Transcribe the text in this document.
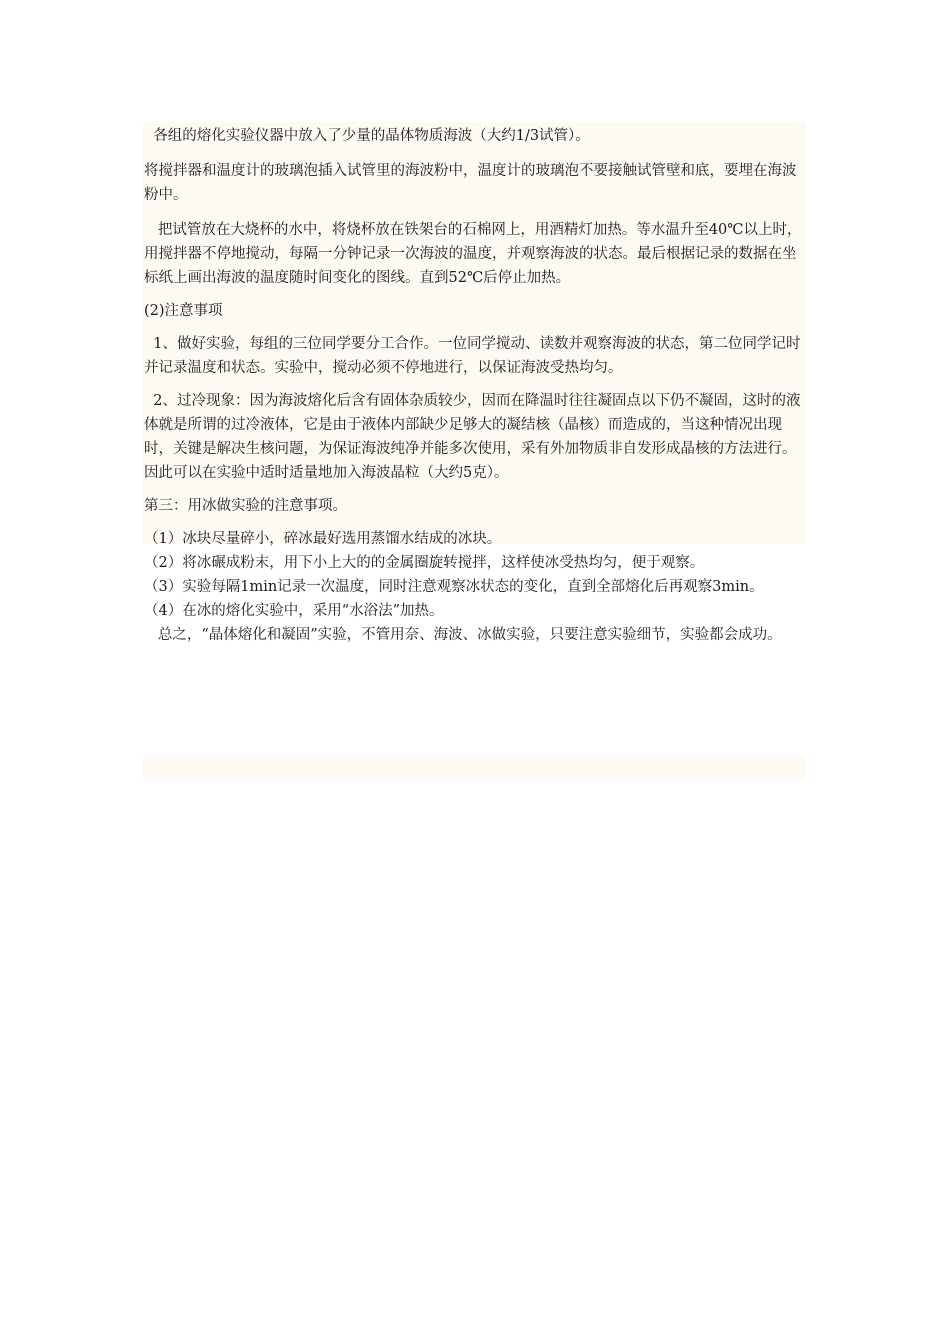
各组的熔化实验仪器中放入了少量的晶体物质海波（大约1/3试管）。

将搅拌器和温度计的玻璃泡插入试管里的海波粉中，温度计的玻璃泡不要接触试管壁和底，要埋在海波粉中。

把试管放在大烧杯的水中，将烧杯放在铁架台的石棉网上，用酒精灯加热。等水温升至40℃以上时，用搅拌器不停地搅动，每隔一分钟记录一次海波的温度，并观察海波的状态。最后根据记录的数据在坐标纸上画出海波的温度随时间变化的图线。直到52℃后停止加热。

(2)注意事项

1、做好实验，每组的三位同学要分工合作。一位同学搅动、读数并观察海波的状态，第二位同学记时并记录温度和状态。实验中，搅动必须不停地进行，以保证海波受热均匀。

2、过冷现象：因为海波熔化后含有固体杂质较少，因而在降温时往往凝固点以下仍不凝固，这时的液体就是所谓的过冷液体，它是由于液体内部缺少足够大的凝结核（晶核）而造成的，当这种情况出现时，关键是解决生核问题，为保证海波纯净并能多次使用，采有外加物质非自发形成晶核的方法进行。因此可以在实验中适时适量地加入海波晶粒（大约5克）。

第三：用冰做实验的注意事项。

（1）冰块尽量碎小，碎冰最好选用蒸馏水结成的冰块。

（2）将冰碾成粉末，用下小上大的的金属圈旋转搅拌，这样使冰受热均匀，便于观察。

（3）实验每隔1min记录一次温度，同时注意观察冰状态的变化，直到全部熔化后再观察3min。

（4）在冰的熔化实验中，采用“水浴法”加热。

总之，“晶体熔化和凝固”实验，不管用奈、海波、冰做实验，只要注意实验细节，实验都会成功。
